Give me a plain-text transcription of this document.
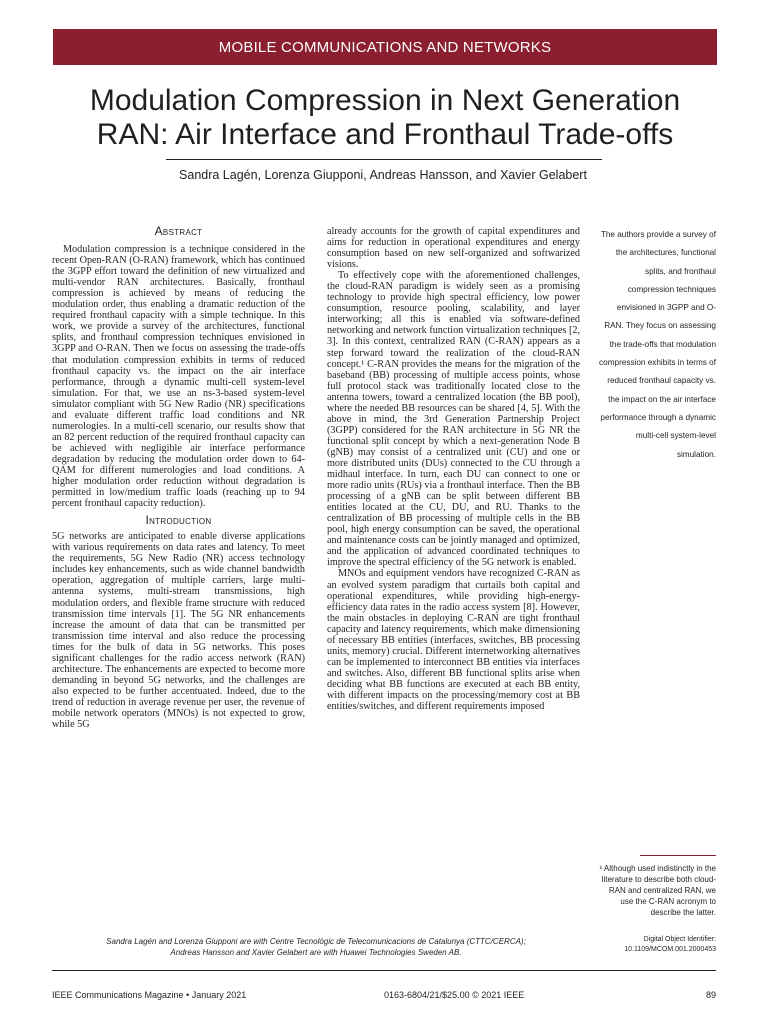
MOBILE COMMUNICATIONS AND NETWORKS
Modulation Compression in Next Generation
RAN: Air Interface and Fronthaul Trade-offs
Sandra Lagén, Lorenza Giupponi, Andreas Hansson, and Xavier Gelabert
Abstract

Modulation compression is a technique considered in the recent Open-RAN (O-RAN) framework, which has continued the 3GPP effort toward the definition of new virtualized and multi-vendor RAN architectures. Basically, fronthaul compression is achieved by means of reducing the modulation order, thus enabling a dramatic reduction of the required fronthaul capacity with a simple technique. In this work, we provide a survey of the architectures, functional splits, and fronthaul compression techniques envisioned in 3GPP and O-RAN. Then we focus on assessing the trade-offs that modulation compression exhibits in terms of reduced fronthaul capacity vs. the impact on the air interface performance, through a dynamic multi-cell system-level simulation. For that, we use an ns-3-based system-level simulator compliant with 5G New Radio (NR) specifications and evaluate different traffic load conditions and NR numerologies. In a multi-cell scenario, our results show that an 82 percent reduction of the required fronthaul capacity can be achieved with negligible air interface performance degradation by reducing the modulation order down to 64-QAM for different numerologies and load conditions. A higher modulation order reduction without degradation is permitted in low/medium traffic loads (reaching up to 94 percent fronthaul capacity reduction).

Introduction

5G networks are anticipated to enable diverse applications with various requirements on data rates and latency. To meet the requirements, 5G New Radio (NR) access technology includes key enhancements, such as wide channel bandwidth operation, aggregation of multiple carriers, large multi-antenna systems, multi-stream transmissions, high modulation orders, and flexible frame structure with reduced transmission time intervals [1]. The 5G NR enhancements increase the amount of data that can be transmitted per transmission time interval and also reduce the processing times for the bulk of data in 5G networks. This poses significant challenges for the radio access network (RAN) architecture. The enhancements are expected to become more demanding in beyond 5G networks, and the challenges are also expected to be further accentuated. Indeed, due to the trend of reduction in average revenue per user, the revenue of mobile network operators (MNOs) is not expected to grow, while 5G

already accounts for the growth of capital expenditures and aims for reduction in operational expenditures and energy consumption based on new self-organized and softwarized visions.

To effectively cope with the aforementioned challenges, the cloud-RAN paradigm is widely seen as a promising technology to provide high spectral efficiency, low power consumption, resource pooling, scalability, and layer interworking; all this is enabled via software-defined networking and network function virtualization techniques [2, 3]. In this context, centralized RAN (C-RAN) appears as a step forward toward the realization of the cloud-RAN concept.¹ C-RAN provides the means for the migration of the baseband (BB) processing of multiple access points, whose full protocol stack was traditionally located close to the antenna towers, toward a centralized location (the BB pool), where the needed BB resources can be shared [4, 5]. With the above in mind, the 3rd Generation Partnership Project (3GPP) considered for the RAN architecture in 5G NR the functional split concept by which a next-generation Node B (gNB) may consist of a centralized unit (CU) and one or more distributed units (DUs) connected to the CU through a midhaul interface. In turn, each DU can connect to one or more radio units (RUs) via a fronthaul interface. Then the BB processing of a gNB can be split between different BB entities located at the CU, DU, and RU. Thanks to the centralization of BB processing of multiple cells in the BB pool, high energy consumption can be saved, the operational and maintenance costs can be jointly managed and optimized, and the application of advanced coordinated techniques to improve the spectral efficiency of the 5G network is enabled.

MNOs and equipment vendors have recognized C-RAN as an evolved system paradigm that curtails both capital and operational expenditures, while providing high-energy-efficiency data rates in the radio access system [8]. However, the main obstacles in deploying C-RAN are tight fronthaul capacity and latency requirements, which make dimensioning of necessary BB entities (interfaces, switches, BB processing units, memory) crucial. Different internetworking alternatives can be implemented to interconnect BB entities via interfaces and switches. Also, different BB functional splits arise when deciding what BB functions are executed at each BB entity, with different impacts on the processing/memory cost at BB entities/switches, and different requirements imposed

The authors provide a survey of the architectures, functional splits, and fronthaul compression techniques envisioned in 3GPP and O-RAN. They focus on assessing the trade-offs that modulation compression exhibits in terms of reduced fronthaul capacity vs. the impact on the air interface performance through a dynamic multi-cell system-level simulation.
¹ Although used indistinctly in the literature to describe both cloud-RAN and centralized RAN, we use the C-RAN acronym to describe the latter.
Digital Object Identifier:
10.1109/MCOM.001.2000453
Sandra Lagén and Lorenza Giupponi are with Centre Tecnològic de Telecomunicacions de Catalunya (CTTC/CERCA);
Andreas Hansson and Xavier Gelabert are with Huawei Technologies Sweden AB.
IEEE Communications Magazine • January 2021	0163-6804/21/$25.00 © 2021 IEEE	89
